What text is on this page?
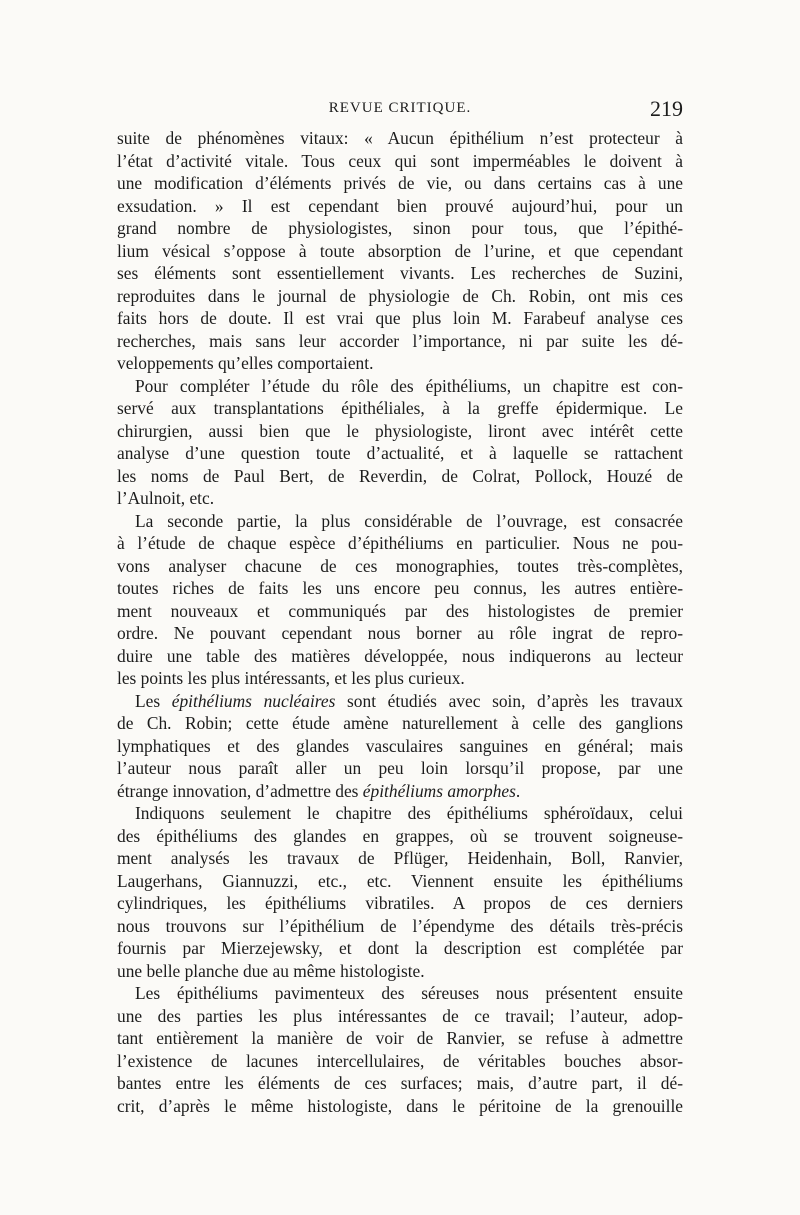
REVUE CRITIQUE.	219
suite de phénomènes vitaux: « Aucun épithélium n’est protecteur à
l’état d’activité vitale. Tous ceux qui sont imperméables le doivent à
une modification d’éléments privés de vie, ou dans certains cas à une
exsudation. » Il est cependant bien prouvé aujourd’hui, pour un
grand nombre de physiologistes, sinon pour tous, que l’épithé-
lium vésical s’oppose à toute absorption de l’urine, et que cependant
ses éléments sont essentiellement vivants. Les recherches de Suzini,
reproduites dans le journal de physiologie de Ch. Robin, ont mis ces
faits hors de doute. Il est vrai que plus loin M. Farabeuf analyse ces
recherches, mais sans leur accorder l’importance, ni par suite les dé-
veloppements qu’elles comportaient.
Pour compléter l’étude du rôle des épithéliums, un chapitre est con-
servé aux transplantations épithéliales, à la greffe épidermique. Le
chirurgien, aussi bien que le physiologiste, liront avec intérêt cette
analyse d’une question toute d’actualité, et à laquelle se rattachent
les noms de Paul Bert, de Reverdin, de Colrat, Pollock, Houzé de
l’Aulnoit, etc.
La seconde partie, la plus considérable de l’ouvrage, est consacrée
à l’étude de chaque espèce d’épithéliums en particulier. Nous ne pou-
vons analyser chacune de ces monographies, toutes très-complètes,
toutes riches de faits les uns encore peu connus, les autres entière-
ment nouveaux et communiqués par des histologistes de premier
ordre. Ne pouvant cependant nous borner au rôle ingrat de repro-
duire une table des matières développée, nous indiquerons au lecteur
les points les plus intéressants, et les plus curieux.
Les épithéliums nucléaires sont étudiés avec soin, d’après les travaux
de Ch. Robin; cette étude amène naturellement à celle des ganglions
lymphatiques et des glandes vasculaires sanguines en général; mais
l’auteur nous paraît aller un peu loin lorsqu’il propose, par une
étrange innovation, d’admettre des épithéliums amorphes.
Indiquons seulement le chapitre des épithéliums sphéroïdaux, celui
des épithéliums des glandes en grappes, où se trouvent soigneuse-
ment analysés les travaux de Pflüger, Heidenhain, Boll, Ranvier,
Laugerhans, Giannuzzi, etc., etc. Viennent ensuite les épithéliums
cylindriques, les épithéliums vibratiles. A propos de ces derniers
nous trouvons sur l’épithélium de l’épendyme des détails très-précis
fournis par Mierzejewsky, et dont la description est complétée par
une belle planche due au même histologiste.
Les épithéliums pavimenteux des séreuses nous présentent ensuite
une des parties les plus intéressantes de ce travail; l’auteur, adop-
tant entièrement la manière de voir de Ranvier, se refuse à admettre
l’existence de lacunes intercellulaires, de véritables bouches absor-
bantes entre les éléments de ces surfaces; mais, d’autre part, il dé-
crit, d’après le même histologiste, dans le péritoine de la grenouille
